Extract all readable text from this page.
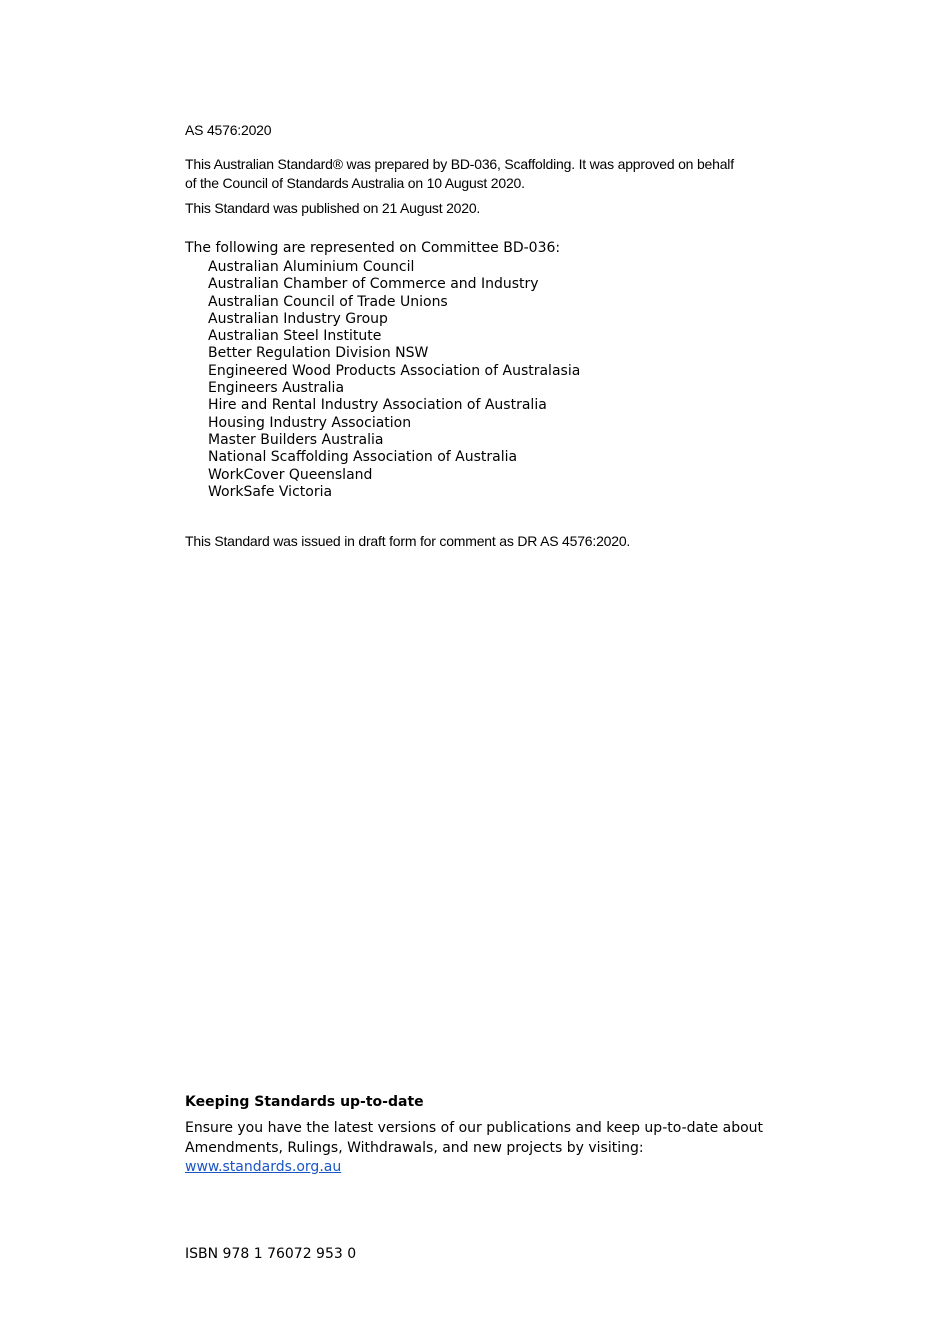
AS 4576:2020

This Australian Standard® was prepared by BD-036, Scaffolding. It was approved on behalf
of the Council of Standards Australia on 10 August 2020.

This Standard was published on 21 August 2020.

The following are represented on Committee BD-036:

Australian Aluminium Council
Australian Chamber of Commerce and Industry
Australian Council of Trade Unions
Australian Industry Group
Australian Steel Institute
Better Regulation Division NSW
Engineered Wood Products Association of Australasia
Engineers Australia
Hire and Rental Industry Association of Australia
Housing Industry Association
Master Builders Australia
National Scaffolding Association of Australia
WorkCover Queensland
WorkSafe Victoria

This Standard was issued in draft form for comment as DR AS 4576:2020.

Keeping Standards up-to-date

Ensure you have the latest versions of our publications and keep up-to-date about
Amendments, Rulings, Withdrawals, and new projects by visiting:
www.standards.org.au

ISBN 978 1 76072 953 0
